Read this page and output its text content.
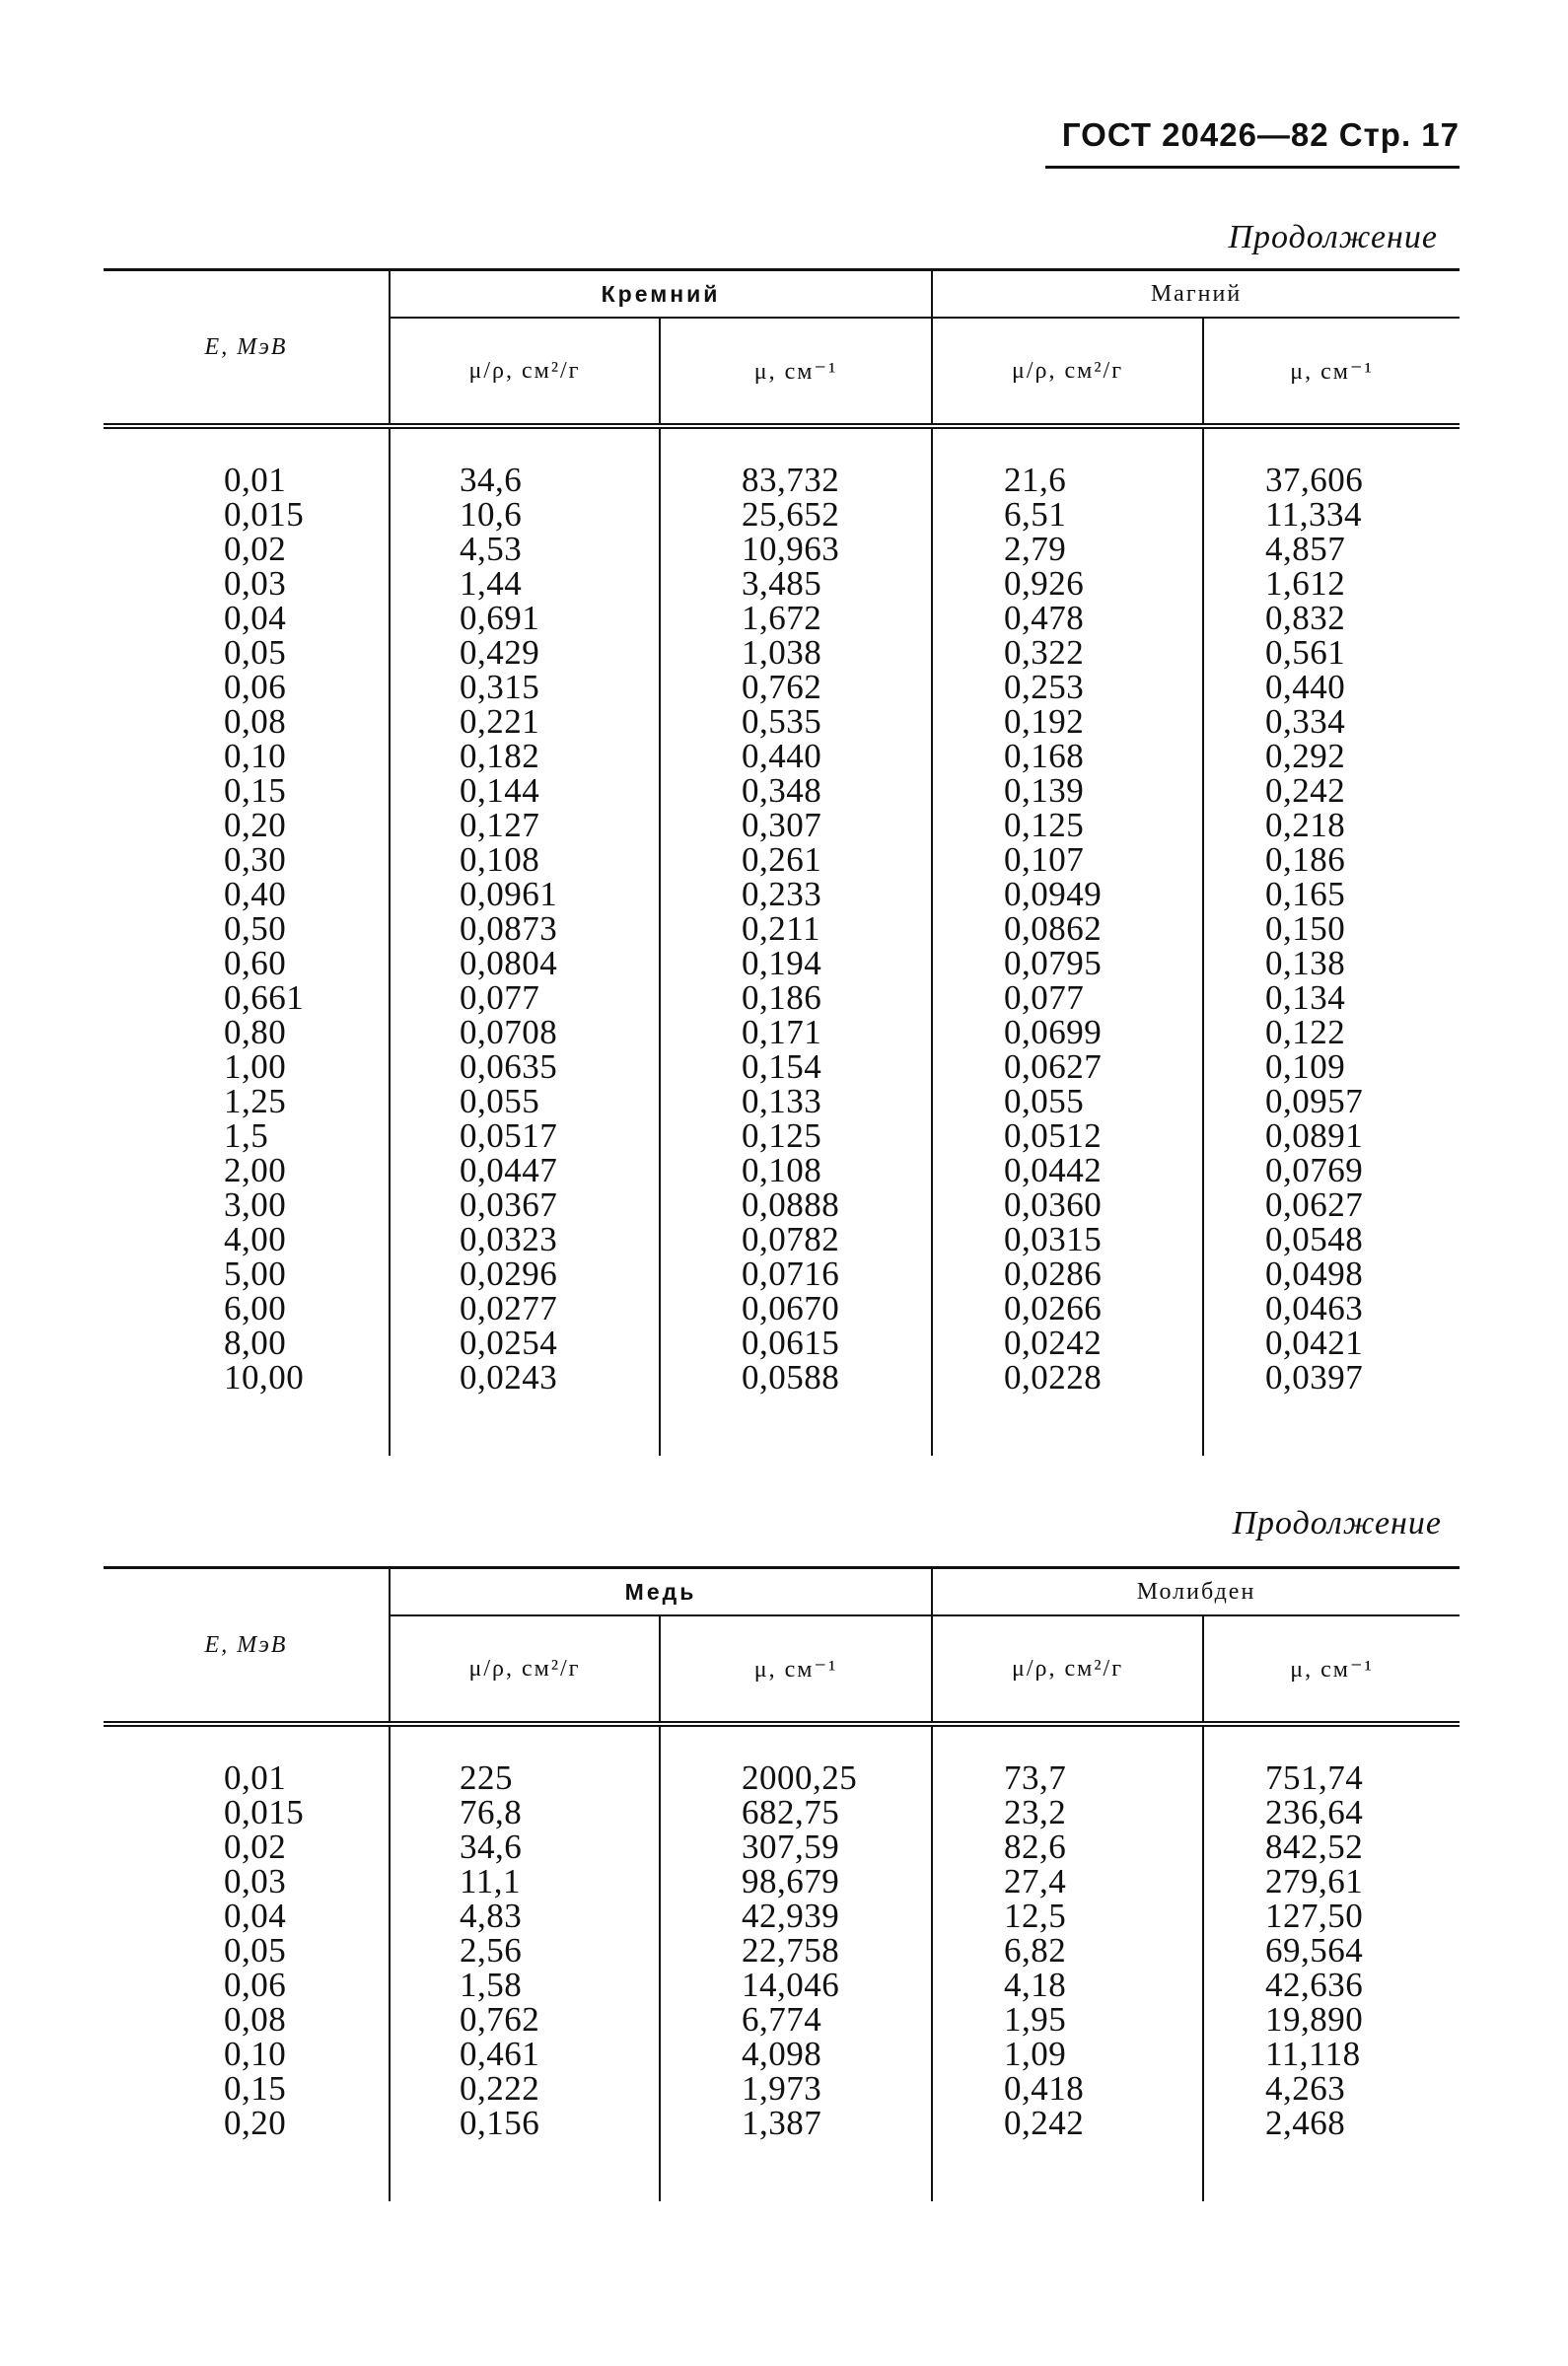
ГОСТ 20426—82 Стр. 17
Продолжение
E, МэВ	Кремний		Магний	
	μ/ρ, см²/г	μ, см⁻¹	μ/ρ, см²/г	μ, см⁻¹

0,01	34,6	83,732	21,6	37,606
0,015	10,6	25,652	6,51	11,334
0,02	4,53	10,963	2,79	4,857
0,03	1,44	3,485	0,926	1,612
0,04	0,691	1,672	0,478	0,832
0,05	0,429	1,038	0,322	0,561
0,06	0,315	0,762	0,253	0,440
0,08	0,221	0,535	0,192	0,334
0,10	0,182	0,440	0,168	0,292
0,15	0,144	0,348	0,139	0,242
0,20	0,127	0,307	0,125	0,218
0,30	0,108	0,261	0,107	0,186
0,40	0,0961	0,233	0,0949	0,165
0,50	0,0873	0,211	0,0862	0,150
0,60	0,0804	0,194	0,0795	0,138
0,661	0,077	0,186	0,077	0,134
0,80	0,0708	0,171	0,0699	0,122
1,00	0,0635	0,154	0,0627	0,109
1,25	0,055	0,133	0,055	0,0957
1,5	0,0517	0,125	0,0512	0,0891
2,00	0,0447	0,108	0,0442	0,0769
3,00	0,0367	0,0888	0,0360	0,0627
4,00	0,0323	0,0782	0,0315	0,0548
5,00	0,0296	0,0716	0,0286	0,0498
6,00	0,0277	0,0670	0,0266	0,0463
8,00	0,0254	0,0615	0,0242	0,0421
10,00	0,0243	0,0588	0,0228	0,0397

Продолжение
E, МэВ	Медь		Молибден	
	μ/ρ, см²/г	μ, см⁻¹	μ/ρ, см²/г	μ, см⁻¹

0,01	225	2000,25	73,7	751,74
0,015	76,8	682,75	23,2	236,64
0,02	34,6	307,59	82,6	842,52
0,03	11,1	98,679	27,4	279,61
0,04	4,83	42,939	12,5	127,50
0,05	2,56	22,758	6,82	69,564
0,06	1,58	14,046	4,18	42,636
0,08	0,762	6,774	1,95	19,890
0,10	0,461	4,098	1,09	11,118
0,15	0,222	1,973	0,418	4,263
0,20	0,156	1,387	0,242	2,468
